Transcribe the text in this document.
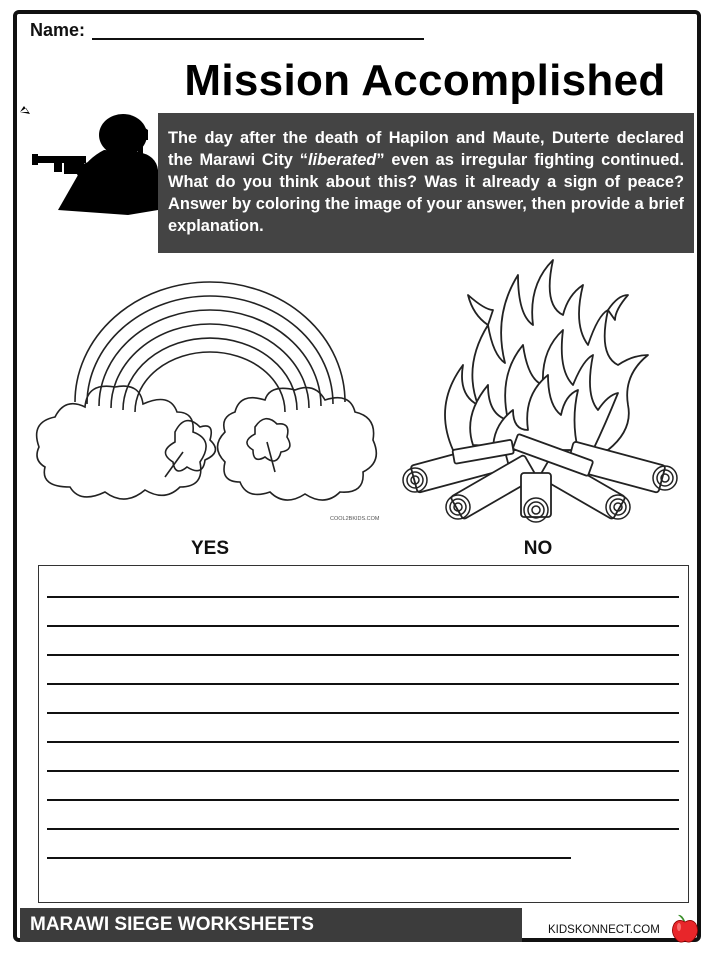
Name:
Mission Accomplished
The day after the death of Hapilon and Maute, Duterte declared the Marawi City “liberated” even as irregular fighting continued. What do you think about this? Was it already a sign of peace? Answer by coloring the image of your answer, then provide a brief explanation.
COOL2BKIDS.COM
YES	NO
MARAWI SIEGE WORKSHEETS	KIDSKONNECT.COM
